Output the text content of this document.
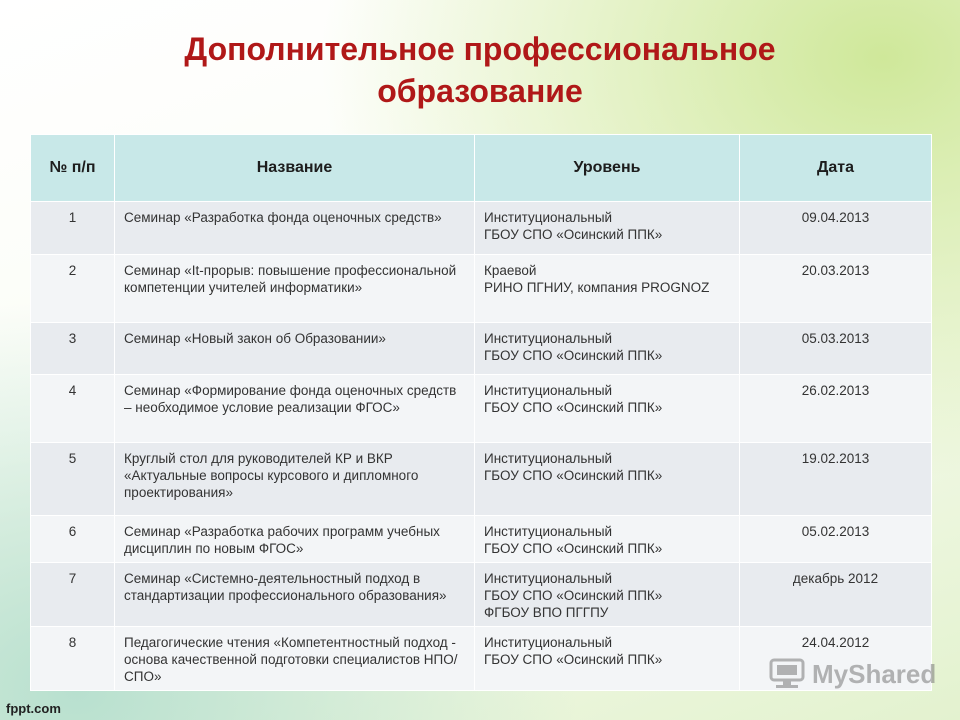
Дополнительное профессиональное
образование
№ п/п	Название	Уровень	Дата
1	Семинар «Разработка фонда оценочных средств»	Институциональный
ГБОУ СПО «Осинский ППК»	09.04.2013
2	Семинар «It-прорыв: повышение профессиональной компетенции учителей информатики»	Краевой
РИНО ПГНИУ, компания PROGNOZ	20.03.2013
3	Семинар «Новый закон об Образовании»	Институциональный
ГБОУ СПО «Осинский ППК»	05.03.2013
4	Семинар «Формирование фонда оценочных средств – необходимое условие реализации ФГОС»	Институциональный
ГБОУ СПО «Осинский ППК»	26.02.2013
5	Круглый стол для руководителей КР и ВКР «Актуальные вопросы курсового и дипломного проектирования»	Институциональный
ГБОУ СПО «Осинский ППК»	19.02.2013
6	Семинар «Разработка рабочих программ учебных дисциплин по новым ФГОС»	Институциональный
ГБОУ СПО «Осинский ППК»	05.02.2013
7	Семинар «Системно-деятельностный подход в стандартизации профессионального образования»	Институциональный
ГБОУ СПО «Осинский ППК»
ФГБОУ ВПО ПГГПУ	декабрь 2012
8	Педагогические чтения «Компетентностный подход - основа качественной подготовки специалистов НПО/СПО»	Институциональный
ГБОУ СПО «Осинский ППК»	24.04.2012
fppt.com
MyShared
